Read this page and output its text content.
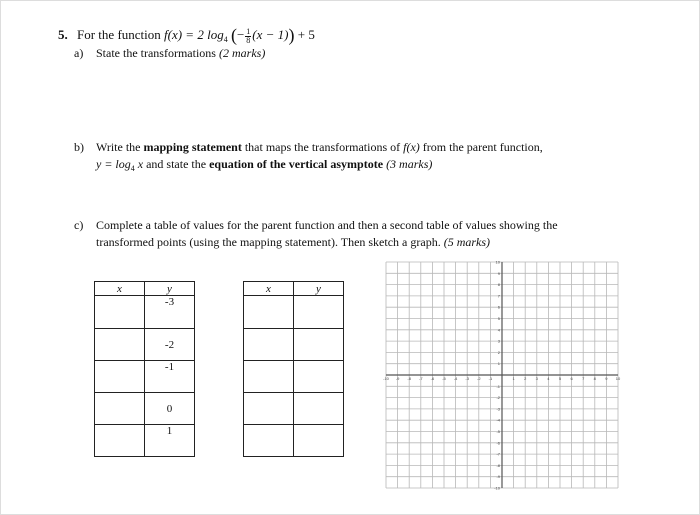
5. For the function f(x) = 2 $\log_4$ (− $\frac{1}{8} (x - 1)) + 5$
a) State the transformations (2 marks)
b) Write the mapping statement that maps the transformations of f(x) from the parent function,
$y = \log_4 x$ and state the equation of the vertical asymptote (3 marks)
c) Complete a table of values for the parent function and then a second table of values showing the
transformed points (using the mapping statement). Then sketch a graph. (5 marks)
x	y
	-3
	-2
	-1
	0
	1
x	y

-10 -9 -8 -7 -6 -5 -4 -3 -2 -1	1 2 3 4 5 6 7 8 9 10
10
9
8
7
6
5
4
3
2
1
-1
-2
-3
-4
-5
-6
-7
-8
-9
-10
